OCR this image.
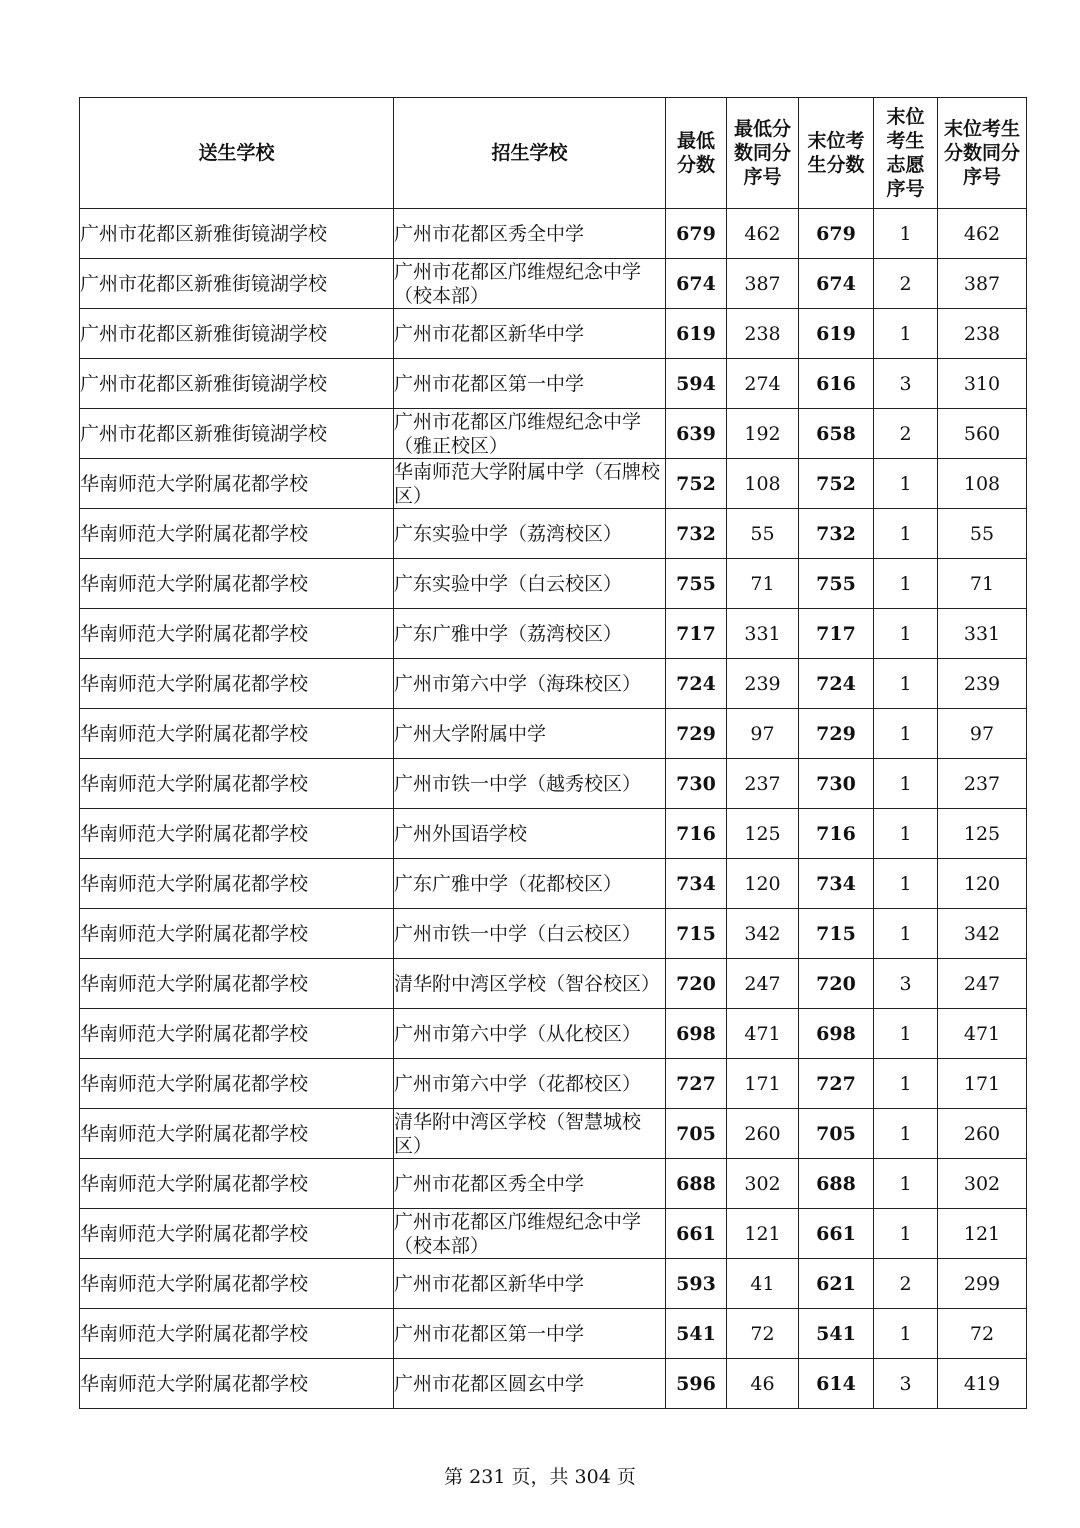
送生学校	招生学校	最低分数	最低分数同分序号	末位考生分数	末位考生志愿序号	末位考生分数同分序号

广州市花都区新雅街镜湖学校	广州市花都区秀全中学	679	462	679	1	462
广州市花都区新雅街镜湖学校	广州市花都区邝维煜纪念中学（校本部）	674	387	674	2	387
广州市花都区新雅街镜湖学校	广州市花都区新华中学	619	238	619	1	238
广州市花都区新雅街镜湖学校	广州市花都区第一中学	594	274	616	3	310
广州市花都区新雅街镜湖学校	广州市花都区邝维煜纪念中学（雅正校区）	639	192	658	2	560
华南师范大学附属花都学校	华南师范大学附属中学（石牌校区）	752	108	752	1	108
华南师范大学附属花都学校	广东实验中学（荔湾校区）	732	55	732	1	55
华南师范大学附属花都学校	广东实验中学（白云校区）	755	71	755	1	71
华南师范大学附属花都学校	广东广雅中学（荔湾校区）	717	331	717	1	331
华南师范大学附属花都学校	广州市第六中学（海珠校区）	724	239	724	1	239
华南师范大学附属花都学校	广州大学附属中学	729	97	729	1	97
华南师范大学附属花都学校	广州市铁一中学（越秀校区）	730	237	730	1	237
华南师范大学附属花都学校	广州外国语学校	716	125	716	1	125
华南师范大学附属花都学校	广东广雅中学（花都校区）	734	120	734	1	120
华南师范大学附属花都学校	广州市铁一中学（白云校区）	715	342	715	1	342
华南师范大学附属花都学校	清华附中湾区学校（智谷校区）	720	247	720	3	247
华南师范大学附属花都学校	广州市第六中学（从化校区）	698	471	698	1	471
华南师范大学附属花都学校	广州市第六中学（花都校区）	727	171	727	1	171
华南师范大学附属花都学校	清华附中湾区学校（智慧城校区）	705	260	705	1	260
华南师范大学附属花都学校	广州市花都区秀全中学	688	302	688	1	302
华南师范大学附属花都学校	广州市花都区邝维煜纪念中学（校本部）	661	121	661	1	121
华南师范大学附属花都学校	广州市花都区新华中学	593	41	621	2	299
华南师范大学附属花都学校	广州市花都区第一中学	541	72	541	1	72
华南师范大学附属花都学校	广州市花都区圆玄中学	596	46	614	3	419
第 231 页，共 304 页
